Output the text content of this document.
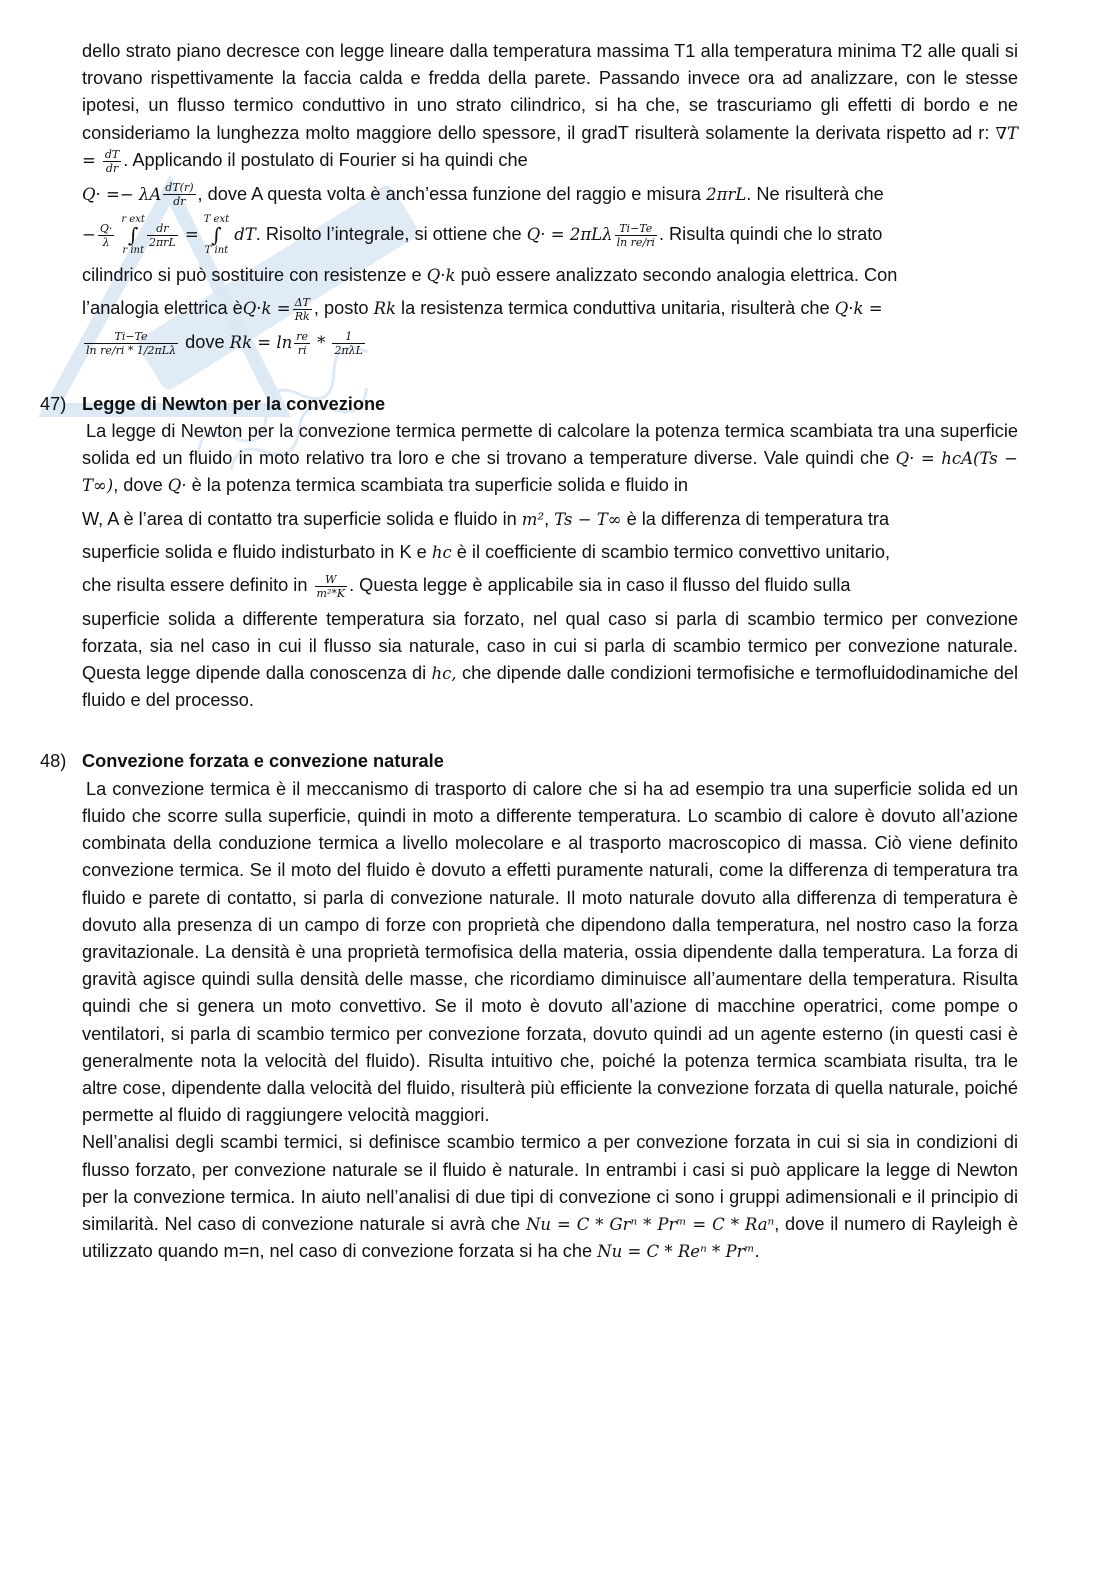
dello strato piano decresce con legge lineare dalla temperatura massima T1 alla temperatura minima T2 alle quali si trovano rispettivamente la faccia calda e fredda della parete. Passando invece ora ad analizzare, con le stesse ipotesi, un flusso termico conduttivo in uno strato cilindrico, si ha che, se trascuriamo gli effetti di bordo e ne consideriamo la lunghezza molto maggiore dello spessore, il gradT risulterà solamente la derivata rispetto ad r: $\nabla T = \frac{dT}{dr}$ . Applicando il postulato di Fourier si ha quindi che

Q· =− λA $\frac{dT(r)}{dr}$ , dove A questa volta è anch’essa funzione del raggio e misura 2πrL. Ne risulterà che

− $\frac{Q\cdot}{\lambda}$

r ext
∫
r int
$\frac{dr}{\text{2πrL}}$ =
T ext
∫
T int
dT. Risolto l’integrale, si ottiene che $Q\cdot = 2\pi L\lambda \frac{Ti-Te}{\text{ln re/ri}}$ . Risulta quindi che lo strato

cilindrico si può sostituire con resistenze e Q·k può essere analizzato secondo analogia elettrica. Con

l’analogia elettrica èQ·k = $\frac{\Delta T}{Rk}$ , posto Rk la resistenza termica conduttiva unitaria, risulterà che Q·k =

$\frac{Ti-Te}{\text{ln re/ri * 1/2πLλ}}$ dove $Rk = \ln \frac{re}{ri} * \frac{1}{\text{2πλL}}$

47) Legge di Newton per la convezione

La legge di Newton per la convezione termica permette di calcolare la potenza termica scambiata tra una superficie solida ed un fluido in moto relativo tra loro e che si trovano a temperature diverse. Vale quindi che Q· = hcA(Ts − T∞), dove Q· è la potenza termica scambiata tra superficie solida e fluido in

W, A è l’area di contatto tra superficie solida e fluido in m², Ts − T∞ è la differenza di temperatura tra

superficie solida e fluido indisturbato in K e hc è il coefficiente di scambio termico convettivo unitario,

che risulta essere definito in $\frac{W}{\text{m²*K}}$ . Questa legge è applicabile sia in caso il flusso del fluido sulla

superficie solida a differente temperatura sia forzato, nel qual caso si parla di scambio termico per convezione forzata, sia nel caso in cui il flusso sia naturale, caso in cui si parla di scambio termico per convezione naturale. Questa legge dipende dalla conoscenza di hc, che dipende dalle condizioni termofisiche e termofluidodinamiche del fluido e del processo.

48) Convezione forzata e convezione naturale

La convezione termica è il meccanismo di trasporto di calore che si ha ad esempio tra una superficie solida ed un fluido che scorre sulla superficie, quindi in moto a differente temperatura. Lo scambio di calore è dovuto all’azione combinata della conduzione termica a livello molecolare e al trasporto macroscopico di massa. Ciò viene definito convezione termica. Se il moto del fluido è dovuto a effetti puramente naturali, come la differenza di temperatura tra fluido e parete di contatto, si parla di convezione naturale. Il moto naturale dovuto alla differenza di temperatura è dovuto alla presenza di un campo di forze con proprietà che dipendono dalla temperatura, nel nostro caso la forza gravitazionale. La densità è una proprietà termofisica della materia, ossia dipendente dalla temperatura. La forza di gravità agisce quindi sulla densità delle masse, che ricordiamo diminuisce all’aumentare della temperatura. Risulta quindi che si genera un moto convettivo. Se il moto è dovuto all’azione di macchine operatrici, come pompe o ventilatori, si parla di scambio termico per convezione forzata, dovuto quindi ad un agente esterno (in questi casi è generalmente nota la velocità del fluido). Risulta intuitivo che, poiché la potenza termica scambiata risulta, tra le altre cose, dipendente dalla velocità del fluido, risulterà più efficiente la convezione forzata di quella naturale, poiché permette al fluido di raggiungere velocità maggiori.

Nell’analisi degli scambi termici, si definisce scambio termico a per convezione forzata in cui si sia in condizioni di flusso forzato, per convezione naturale se il fluido è naturale. In entrambi i casi si può applicare la legge di Newton per la convezione termica. In aiuto nell’analisi di due tipi di convezione ci sono i gruppi adimensionali e il principio di similarità. Nel caso di convezione naturale si avrà che Nu = C * Grⁿ * Prᵐ = C * Raⁿ, dove il numero di Rayleigh è utilizzato quando m=n, nel caso di convezione forzata si ha che Nu = C * Reⁿ * Prᵐ.
